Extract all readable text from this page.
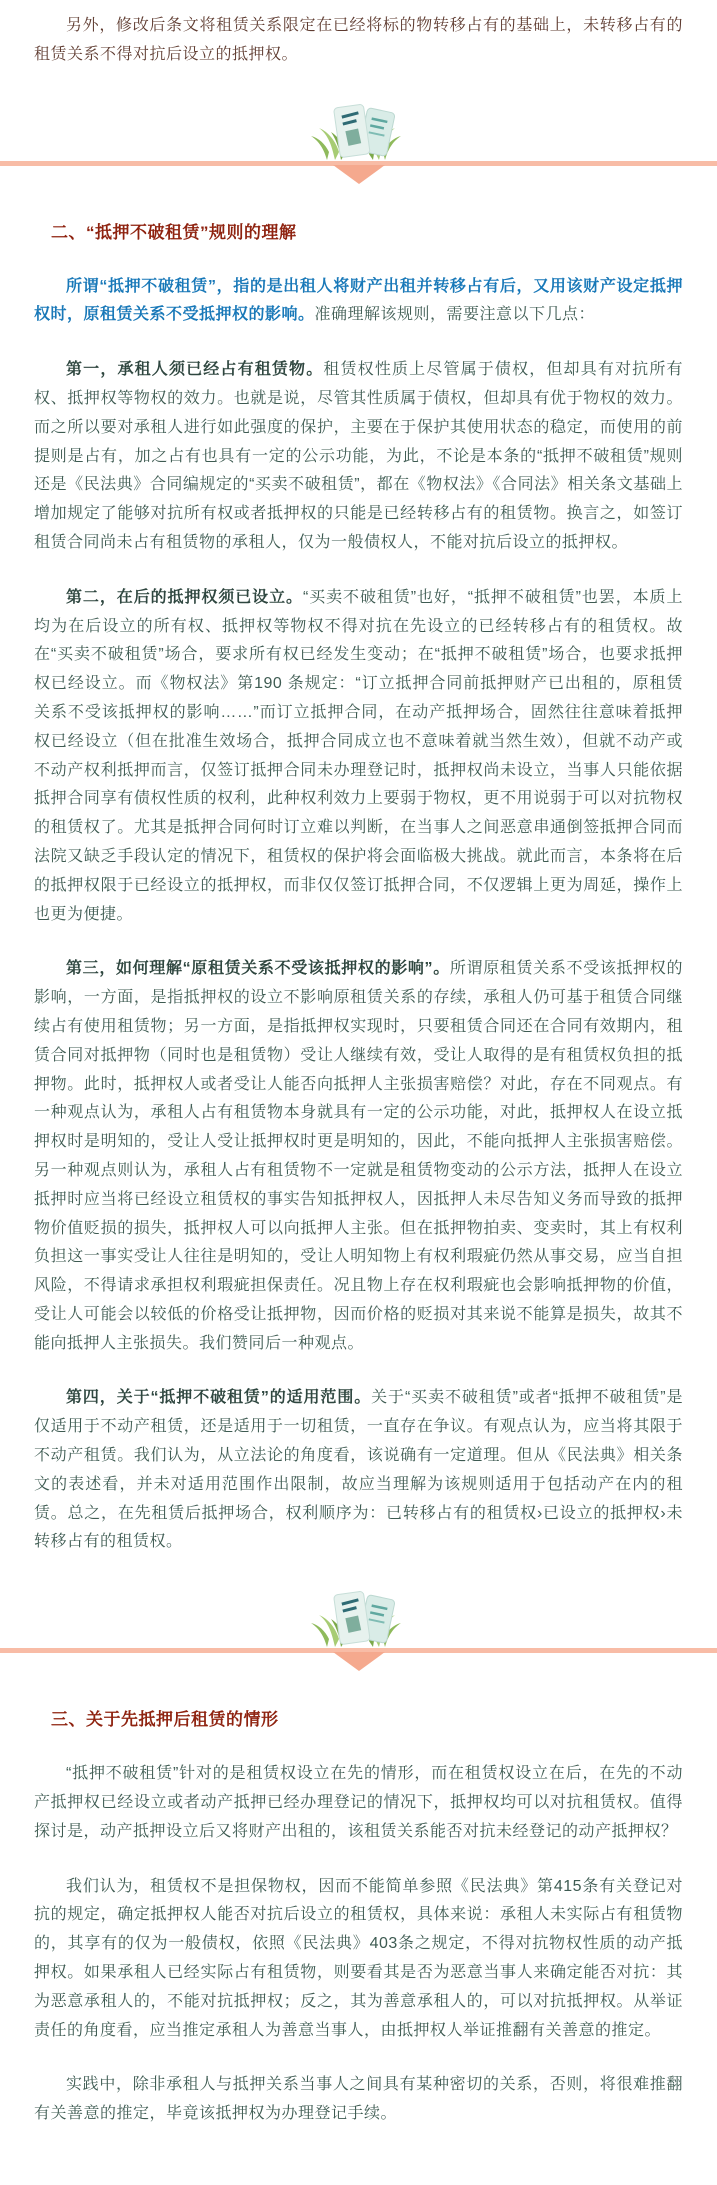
另外，修改后条文将租赁关系限定在已经将标的物转移占有的基础上，未转移占有的租赁关系不得对抗后设立的抵押权。

二、“抵押不破租赁”规则的理解

所谓“抵押不破租赁”，指的是出租人将财产出租并转移占有后，又用该财产设定抵押权时，原租赁关系不受抵押权的影响。准确理解该规则，需要注意以下几点：

第一，承租人须已经占有租赁物。租赁权性质上尽管属于债权，但却具有对抗所有权、抵押权等物权的效力。也就是说，尽管其性质属于债权，但却具有优于物权的效力。而之所以要对承租人进行如此强度的保护，主要在于保护其使用状态的稳定，而使用的前提则是占有，加之占有也具有一定的公示功能，为此，不论是本条的“抵押不破租赁”规则还是《民法典》合同编规定的“买卖不破租赁”，都在《物权法》《合同法》相关条文基础上增加规定了能够对抗所有权或者抵押权的只能是已经转移占有的租赁物。换言之，如签订租赁合同尚未占有租赁物的承租人，仅为一般债权人，不能对抗后设立的抵押权。

第二，在后的抵押权须已设立。“买卖不破租赁”也好，“抵押不破租赁”也罢，本质上均为在后设立的所有权、抵押权等物权不得对抗在先设立的已经转移占有的租赁权。故在“买卖不破租赁”场合，要求所有权已经发生变动；在“抵押不破租赁”场合，也要求抵押权已经设立。而《物权法》第190 条规定：“订立抵押合同前抵押财产已出租的，原租赁关系不受该抵押权的影响……”而订立抵押合同，在动产抵押场合，固然往往意味着抵押权已经设立（但在批准生效场合，抵押合同成立也不意味着就当然生效），但就不动产或不动产权利抵押而言，仅签订抵押合同未办理登记时，抵押权尚未设立，当事人只能依据抵押合同享有债权性质的权利，此种权利效力上要弱于物权，更不用说弱于可以对抗物权的租赁权了。尤其是抵押合同何时订立难以判断，在当事人之间恶意串通倒签抵押合同而法院又缺乏手段认定的情况下，租赁权的保护将会面临极大挑战。就此而言，本条将在后的抵押权限于已经设立的抵押权，而非仅仅签订抵押合同，不仅逻辑上更为周延，操作上也更为便捷。

第三，如何理解“原租赁关系不受该抵押权的影响”。所谓原租赁关系不受该抵押权的影响，一方面，是指抵押权的设立不影响原租赁关系的存续，承租人仍可基于租赁合同继续占有使用租赁物；另一方面，是指抵押权实现时，只要租赁合同还在合同有效期内，租赁合同对抵押物（同时也是租赁物）受让人继续有效，受让人取得的是有租赁权负担的抵押物。此时，抵押权人或者受让人能否向抵押人主张损害赔偿？对此，存在不同观点。有一种观点认为，承租人占有租赁物本身就具有一定的公示功能，对此，抵押权人在设立抵押权时是明知的，受让人受让抵押权时更是明知的，因此，不能向抵押人主张损害赔偿。另一种观点则认为，承租人占有租赁物不一定就是租赁物变动的公示方法，抵押人在设立抵押时应当将已经设立租赁权的事实告知抵押权人，因抵押人未尽告知义务而导致的抵押物价值贬损的损失，抵押权人可以向抵押人主张。但在抵押物拍卖、变卖时，其上有权利负担这一事实受让人往往是明知的，受让人明知物上有权利瑕疵仍然从事交易，应当自担风险，不得请求承担权利瑕疵担保责任。况且物上存在权利瑕疵也会影响抵押物的价值，受让人可能会以较低的价格受让抵押物，因而价格的贬损对其来说不能算是损失，故其不能向抵押人主张损失。我们赞同后一种观点。

第四，关于“抵押不破租赁”的适用范围。关于“买卖不破租赁”或者“抵押不破租赁”是仅适用于不动产租赁，还是适用于一切租赁，一直存在争议。有观点认为，应当将其限于不动产租赁。我们认为，从立法论的角度看，该说确有一定道理。但从《民法典》相关条文的表述看，并未对适用范围作出限制，故应当理解为该规则适用于包括动产在内的租赁。总之，在先租赁后抵押场合，权利顺序为：已转移占有的租赁权›已设立的抵押权›未转移占有的租赁权。

三、关于先抵押后租赁的情形

“抵押不破租赁”针对的是租赁权设立在先的情形，而在租赁权设立在后，在先的不动产抵押权已经设立或者动产抵押已经办理登记的情况下，抵押权均可以对抗租赁权。值得探讨是，动产抵押设立后又将财产出租的，该租赁关系能否对抗未经登记的动产抵押权？

我们认为，租赁权不是担保物权，因而不能简单参照《民法典》第415条有关登记对抗的规定，确定抵押权人能否对抗后设立的租赁权，具体来说：承租人未实际占有租赁物的，其享有的仅为一般债权，依照《民法典》403条之规定，不得对抗物权性质的动产抵押权。如果承租人已经实际占有租赁物，则要看其是否为恶意当事人来确定能否对抗：其为恶意承租人的，不能对抗抵押权；反之，其为善意承租人的，可以对抗抵押权。从举证责任的角度看，应当推定承租人为善意当事人，由抵押权人举证推翻有关善意的推定。

实践中，除非承租人与抵押关系当事人之间具有某种密切的关系，否则，将很难推翻有关善意的推定，毕竟该抵押权为办理登记手续。
